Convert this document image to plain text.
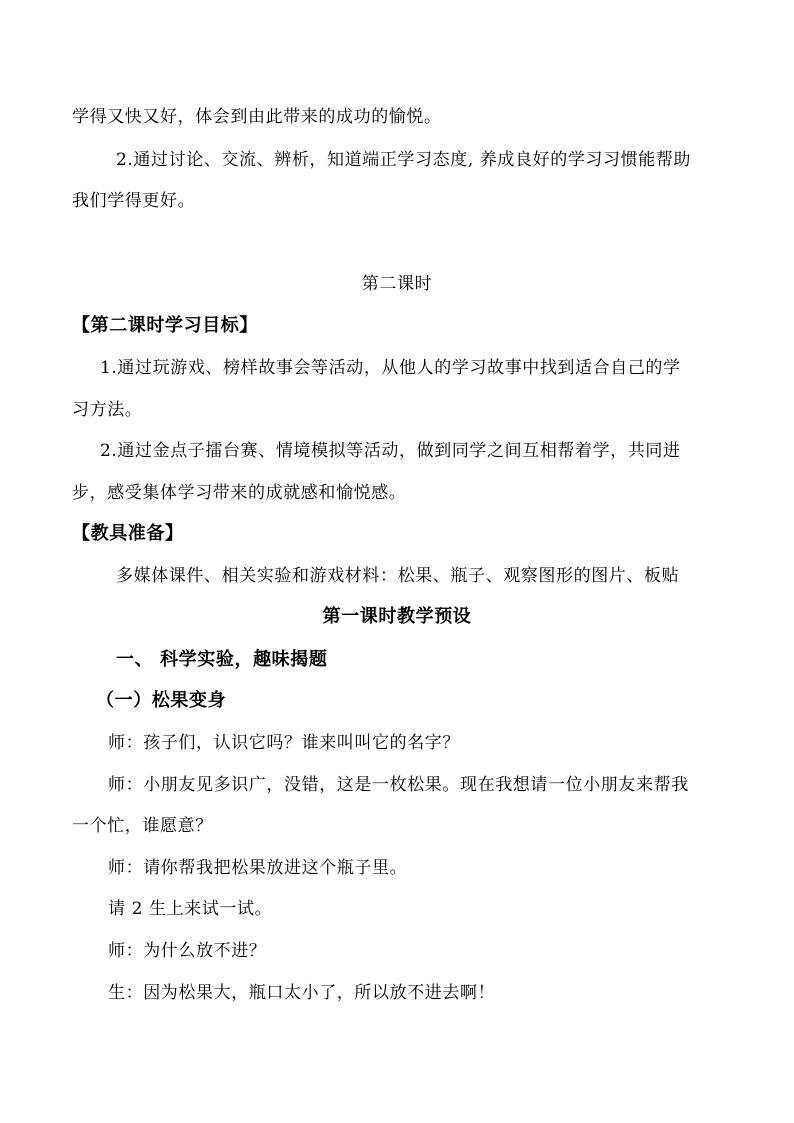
学得又快又好，体会到由此带来的成功的愉悦。
2.通过讨论、交流、辨析，知道端正学习态度, 养成良好的学习习惯能帮助
我们学得更好。
第二课时
【第二课时学习目标】
1.通过玩游戏、榜样故事会等活动，从他人的学习故事中找到适合自己的学
习方法。
2.通过金点子擂台赛、情境模拟等活动，做到同学之间互相帮着学，共同进
步，感受集体学习带来的成就感和愉悦感。
【教具准备】
多媒体课件、相关实验和游戏材料：松果、瓶子、观察图形的图片、板贴
第一课时教学预设
一、 科学实验，趣味揭题
（一）松果变身
师：孩子们，认识它吗？谁来叫叫它的名字？
师：小朋友见多识广，没错，这是一枚松果。现在我想请一位小朋友来帮我
一个忙，谁愿意？
师：请你帮我把松果放进这个瓶子里。
请 2 生上来试一试。
师：为什么放不进？
生：因为松果大，瓶口太小了，所以放不进去啊！
